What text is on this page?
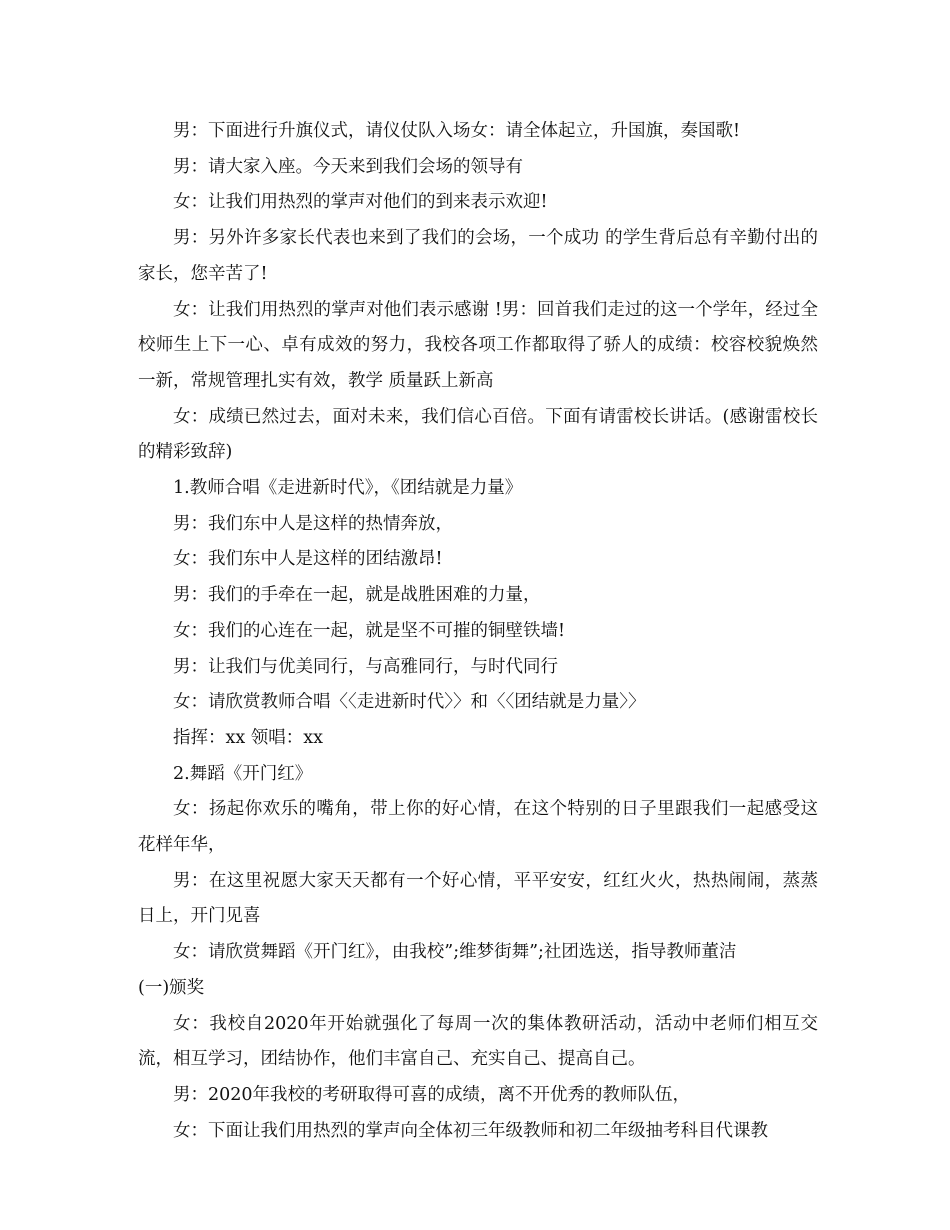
男：下面进行升旗仪式，请仪仗队入场女：请全体起立，升国旗，奏国歌!

男：请大家入座。今天来到我们会场的领导有

女：让我们用热烈的掌声对他们的到来表示欢迎!

男：另外许多家长代表也来到了我们的会场，一个成功 的学生背后总有辛勤付出的家长，您辛苦了!

女：让我们用热烈的掌声对他们表示感谢 !男：回首我们走过的这一个学年，经过全校师生上下一心、卓有成效的努力，我校各项工作都取得了骄人的成绩：校容校貌焕然一新，常规管理扎实有效，教学 质量跃上新高

女：成绩已然过去，面对未来，我们信心百倍。下面有请雷校长讲话。(感谢雷校长的精彩致辞)

1.教师合唱《走进新时代》，《团结就是力量》

男：我们东中人是这样的热情奔放，

女：我们东中人是这样的团结激昂!

男：我们的手牵在一起，就是战胜困难的力量，

女：我们的心连在一起，就是坚不可摧的铜壁铁墙!

男：让我们与优美同行，与高雅同行，与时代同行

女：请欣赏教师合唱〈〈走进新时代〉〉和〈〈团结就是力量〉〉

指挥：xx 领唱：xx

2.舞蹈《开门红》

女：扬起你欢乐的嘴角，带上你的好心情，在这个特别的日子里跟我们一起感受这花样年华，

男：在这里祝愿大家天天都有一个好心情，平平安安，红红火火，热热闹闹，蒸蒸日上，开门见喜

女：请欣赏舞蹈《开门红》，由我校”;维梦街舞”;社团选送，指导教师董洁

(一)颁奖

女：我校自2020年开始就强化了每周一次的集体教研活动，活动中老师们相互交流，相互学习，团结协作，他们丰富自己、充实自己、提高自己。

男：2020年我校的考研取得可喜的成绩，离不开优秀的教师队伍，

女：下面让我们用热烈的掌声向全体初三年级教师和初二年级抽考科目代课教
